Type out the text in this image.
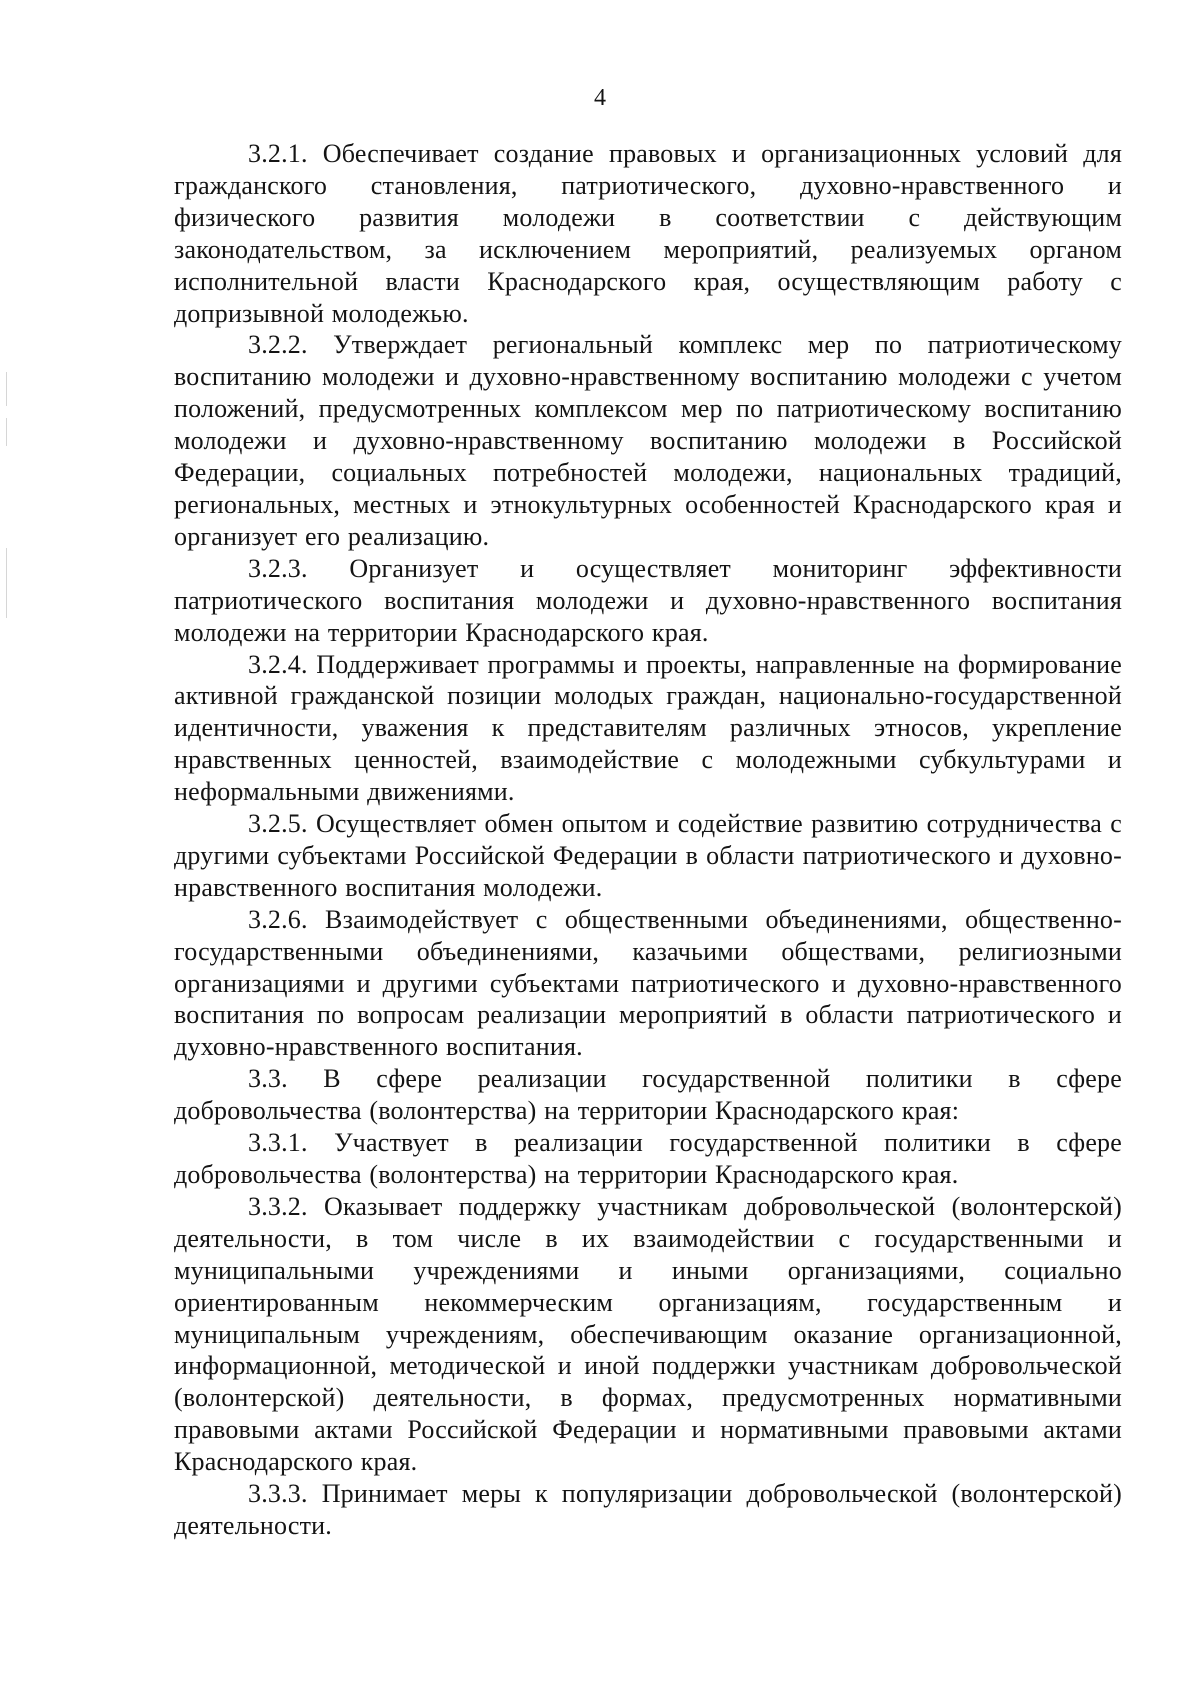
4

3.2.1. Обеспечивает создание правовых и организационных условий для гражданского становления, патриотического, духовно-нравственного и физического развития молодежи в соответствии с действующим законодательством, за исключением мероприятий, реализуемых органом исполнительной власти Краснодарского края, осуществляющим работу с допризывной молодежью.

3.2.2. Утверждает региональный комплекс мер по патриотическому воспитанию молодежи и духовно-нравственному воспитанию молодежи с учетом положений, предусмотренных комплексом мер по патриотическому воспитанию молодежи и духовно-нравственному воспитанию молодежи в Российской Федерации, социальных потребностей молодежи, национальных традиций, региональных, местных и этнокультурных особенностей Краснодарского края и организует его реализацию.

3.2.3. Организует и осуществляет мониторинг эффективности патриотического воспитания молодежи и духовно-нравственного воспитания молодежи на территории Краснодарского края.

3.2.4. Поддерживает программы и проекты, направленные на формирование активной гражданской позиции молодых граждан, национально-государственной идентичности, уважения к представителям различных этносов, укрепление нравственных ценностей, взаимодействие с молодежными субкультурами и неформальными движениями.

3.2.5. Осуществляет обмен опытом и содействие развитию сотрудничества с другими субъектами Российской Федерации в области патриотического и духовно-нравственного воспитания молодежи.

3.2.6. Взаимодействует с общественными объединениями, общественно-государственными объединениями, казачьими обществами, религиозными организациями и другими субъектами патриотического и духовно-нравственного воспитания по вопросам реализации мероприятий в области патриотического и духовно-нравственного воспитания.

3.3. В сфере реализации государственной политики в сфере добровольчества (волонтерства) на территории Краснодарского края:

3.3.1. Участвует в реализации государственной политики в сфере добровольчества (волонтерства) на территории Краснодарского края.

3.3.2. Оказывает поддержку участникам добровольческой (волонтерской) деятельности, в том числе в их взаимодействии с государственными и муниципальными учреждениями и иными организациями, социально ориентированным некоммерческим организациям, государственным и муниципальным учреждениям, обеспечивающим оказание организационной, информационной, методической и иной поддержки участникам добровольческой (волонтерской) деятельности, в формах, предусмотренных нормативными правовыми актами Российской Федерации и нормативными правовыми актами Краснодарского края.

3.3.3. Принимает меры к популяризации добровольческой (волонтерской) деятельности.
